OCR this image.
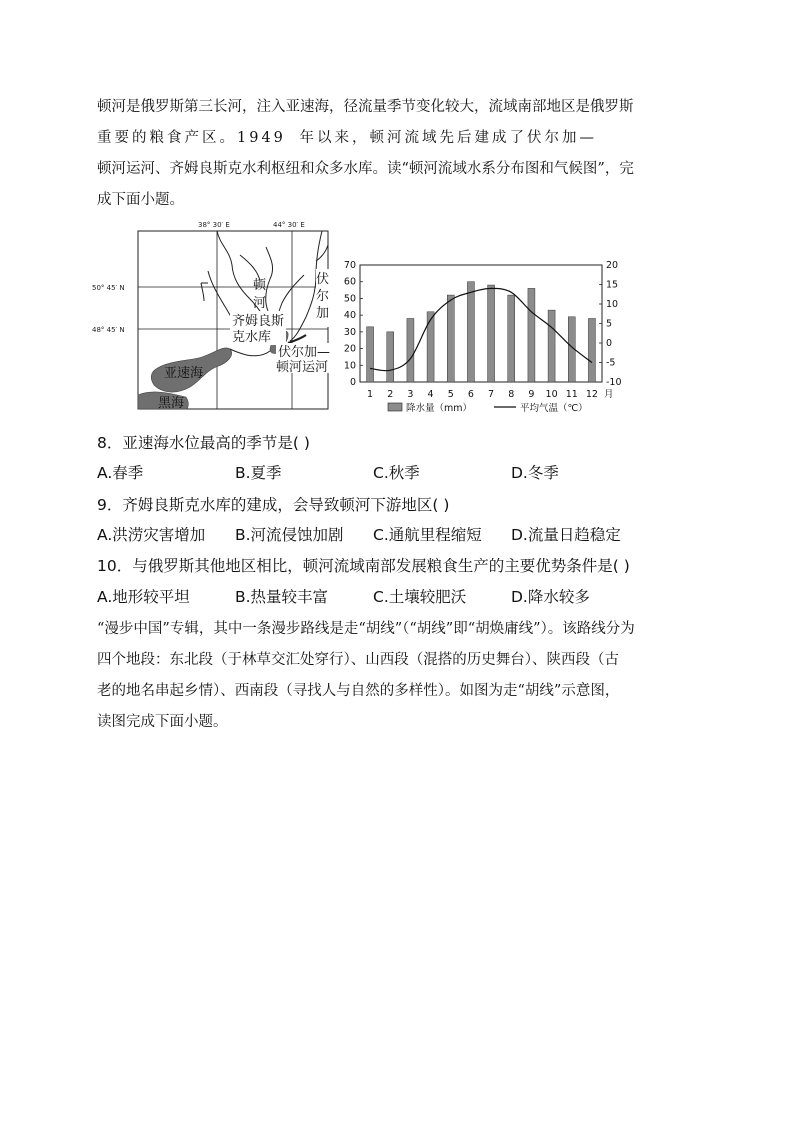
顿河是俄罗斯第三长河，注入亚速海，径流量季节变化较大，流域南部地区是俄罗斯

重要的粮食产区。1949 年以来，顿河流域先后建成了伏尔加—

顿河运河、齐姆良斯克水利枢纽和众多水库。读“顿河流域水系分布图和气候图”，完

成下面小题。

38° 30′ E	44° 30′ E
50° 45′ N
48° 45′ N
顿
河
伏
尔
加
齐姆良斯
克水库
伏尔加—
顿河运河
亚速海
黑海
0
10
20
30
40
50
60
70
-10
-5
0
5
10
15
20
1 2 3 4 5 6 7 8 9 10 11 12 月
降水量（mm）	平均气温（℃）
8．亚速海水位最高的季节是( )
A.春季	B.夏季	C.秋季	D.冬季
9．齐姆良斯克水库的建成，会导致顿河下游地区( )
A.洪涝灾害增加 B.河流侵蚀加剧 C.通航里程缩短 D.流量日趋稳定
10．与俄罗斯其他地区相比，顿河流域南部发展粮食生产的主要优势条件是( )
A.地形较平坦	B.热量较丰富	C.土壤较肥沃	D.降水较多

“漫步中国”专辑，其中一条漫步路线是走“胡线”（“胡线”即“胡焕庸线”）。该路线分为

四个地段：东北段（于林草交汇处穿行）、山西段（混搭的历史舞台）、陕西段（古

老的地名串起乡情）、西南段（寻找人与自然的多样性）。如图为走“胡线”示意图，

读图完成下面小题。
